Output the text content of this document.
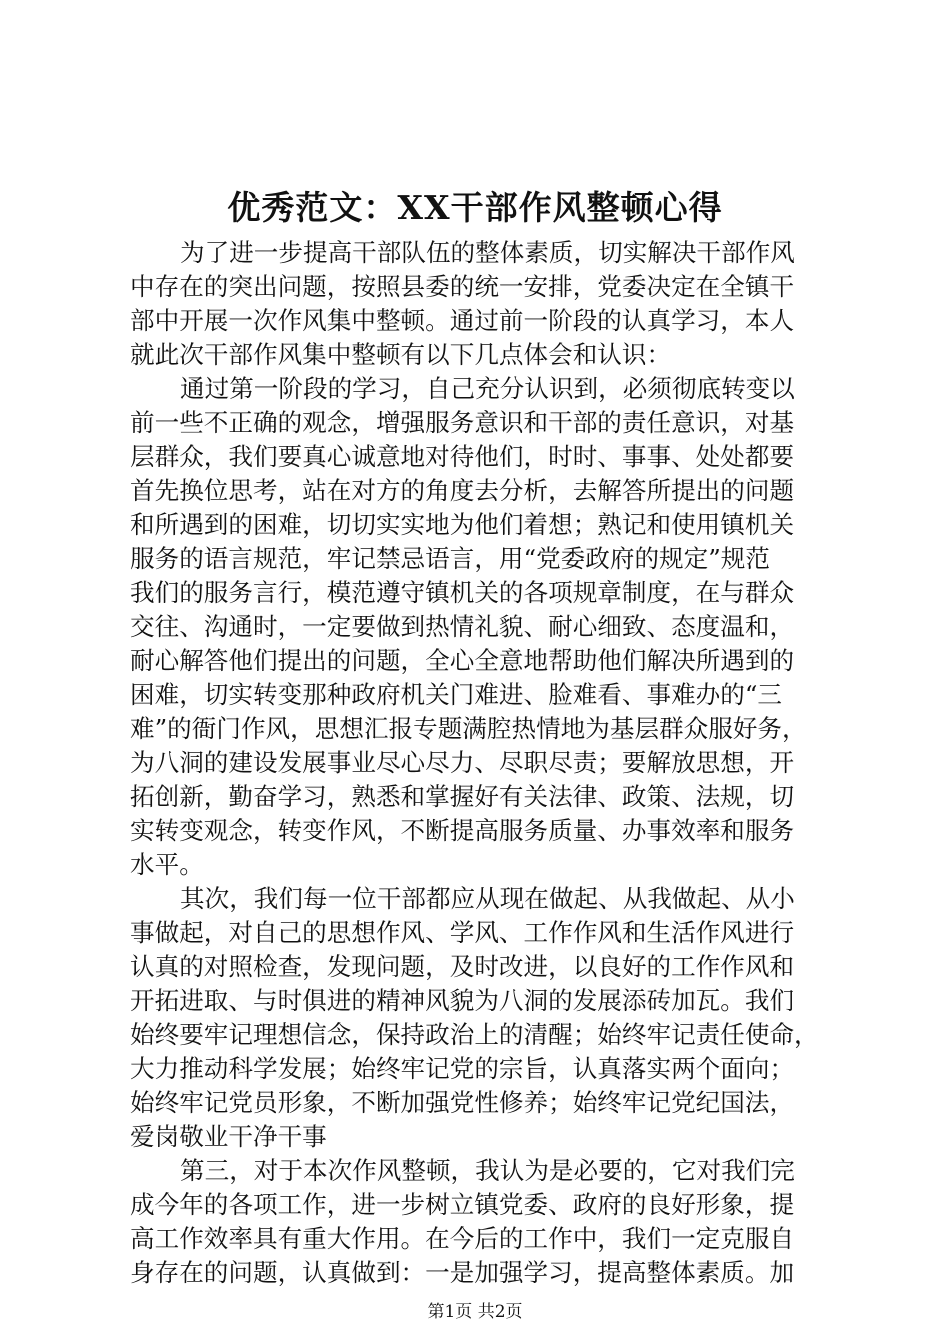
优秀范文：XX干部作风整顿心得
为了进一步提高干部队伍的整体素质，切实解决干部作风
中存在的突出问题，按照县委的统一安排，党委决定在全镇干
部中开展一次作风集中整顿。通过前一阶段的认真学习，本人
就此次干部作风集中整顿有以下几点体会和认识：
通过第一阶段的学习，自己充分认识到，必须彻底转变以
前一些不正确的观念，增强服务意识和干部的责任意识，对基
层群众，我们要真心诚意地对待他们，时时、事事、处处都要
首先换位思考，站在对方的角度去分析，去解答所提出的问题
和所遇到的困难，切切实实地为他们着想；熟记和使用镇机关
服务的语言规范，牢记禁忌语言，用“党委政府的规定”规范
我们的服务言行，模范遵守镇机关的各项规章制度，在与群众
交往、沟通时，一定要做到热情礼貌、耐心细致、态度温和，
耐心解答他们提出的问题，全心全意地帮助他们解决所遇到的
困难，切实转变那种政府机关门难进、脸难看、事难办的“三
难”的衙门作风，思想汇报专题满腔热情地为基层群众服好务，
为八洞的建设发展事业尽心尽力、尽职尽责；要解放思想，开
拓创新，勤奋学习，熟悉和掌握好有关法律、政策、法规，切
实转变观念，转变作风，不断提高服务质量、办事效率和服务
水平。
其次，我们每一位干部都应从现在做起、从我做起、从小
事做起，对自己的思想作风、学风、工作作风和生活作风进行
认真的对照检查，发现问题，及时改进，以良好的工作作风和
开拓进取、与时俱进的精神风貌为八洞的发展添砖加瓦。我们
始终要牢记理想信念，保持政治上的清醒；始终牢记责任使命，
大力推动科学发展；始终牢记党的宗旨，认真落实两个面向；
始终牢记党员形象，不断加强党性修养；始终牢记党纪国法，
爱岗敬业干净干事
第三，对于本次作风整顿，我认为是必要的，它对我们完
成今年的各项工作，进一步树立镇党委、政府的良好形象，提
高工作效率具有重大作用。在今后的工作中，我们一定克服自
身存在的问题，认真做到：一是加强学习，提高整体素质。加
第1页 共2页
